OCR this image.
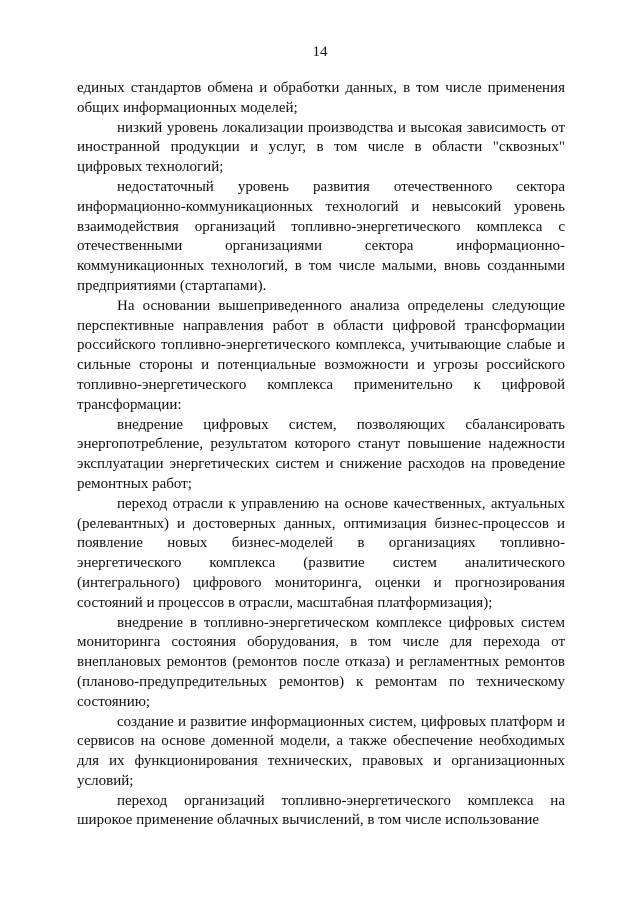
14

единых стандартов обмена и обработки данных, в том числе применения общих информационных моделей;

низкий уровень локализации производства и высокая зависимость от иностранной продукции и услуг, в том числе в области "сквозных" цифровых технологий;

недостаточный уровень развития отечественного сектора информационно-коммуникационных технологий и невысокий уровень взаимодействия организаций топливно-энергетического комплекса с отечественными организациями сектора информационно-коммуникационных технологий, в том числе малыми, вновь созданными предприятиями (стартапами).

На основании вышеприведенного анализа определены следующие перспективные направления работ в области цифровой трансформации российского топливно-энергетического комплекса, учитывающие слабые и сильные стороны и потенциальные возможности и угрозы российского топливно-энергетического комплекса применительно к цифровой трансформации:

внедрение цифровых систем, позволяющих сбалансировать энергопотребление, результатом которого станут повышение надежности эксплуатации энергетических систем и снижение расходов на проведение ремонтных работ;

переход отрасли к управлению на основе качественных, актуальных (релевантных) и достоверных данных, оптимизация бизнес-процессов и появление новых бизнес-моделей в организациях топливно-энергетического комплекса (развитие систем аналитического (интегрального) цифрового мониторинга, оценки и прогнозирования состояний и процессов в отрасли, масштабная платформизация);

внедрение в топливно-энергетическом комплексе цифровых систем мониторинга состояния оборудования, в том числе для перехода от внеплановых ремонтов (ремонтов после отказа) и регламентных ремонтов (планово-предупредительных ремонтов) к ремонтам по техническому состоянию;

создание и развитие информационных систем, цифровых платформ и сервисов на основе доменной модели, а также обеспечение необходимых для их функционирования технических, правовых и организационных условий;

переход организаций топливно-энергетического комплекса на широкое применение облачных вычислений, в том числе использование
